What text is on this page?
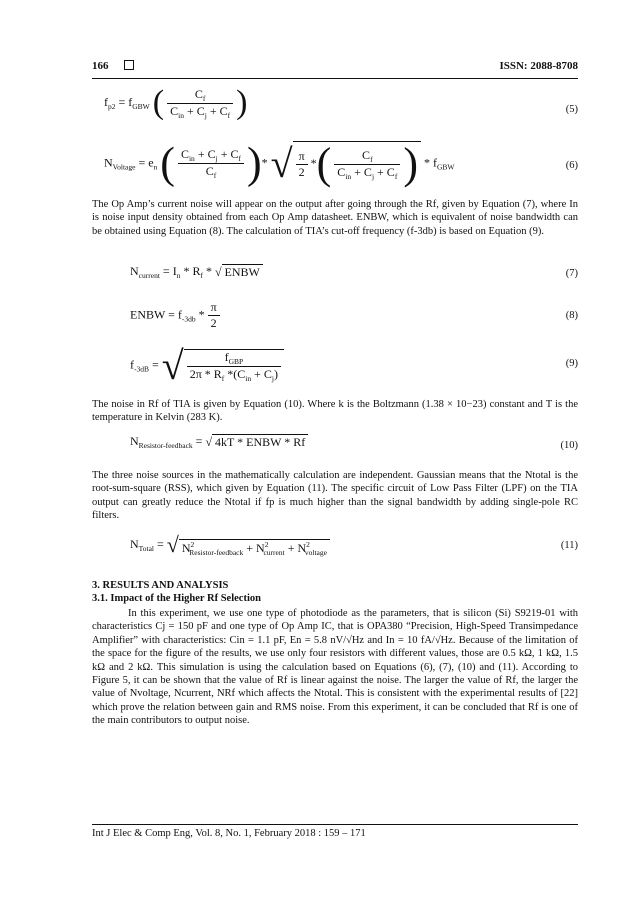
166	ISSN: 2088-8708
$f_{p2} = f_{GBW}$ ( $\frac{C_f}{C_{in} + C_j + C_f}$ )	(5)
$N_{Voltage} = e_n$ ( $\frac{C_{in} + C_j + C_f}{C_f}$ )* √ $\frac{\pi}{2}$ *( $\frac{C_f}{C_{in} + C_j + C_f}$ ) * $f_{GBW}$	(6)
The Op Amp’s current noise will appear on the output after going through the Rf, given by Equation (7), where In is noise input density obtained from each Op Amp datasheet. ENBW, which is equivalent of noise bandwidth can be obtained using Equation (8). The calculation of TIA’s cut-off frequency (f-3db) is based on Equation (9).
$N_{current} = I_n * R_f$ * √ ENBW	(7)
ENBW = $f_{-3db} * \frac{\pi}{2}$	(8)
$f_{-3dB}$ = √ $\frac{f_{GBP}}{2\pi * R_f *(C_{in} + C_j)}$	(9)
The noise in Rf of TIA is given by Equation (10). Where k is the Boltzmann (1.38 × 10−23) constant and T is the temperature in Kelvin (283 K).
$N_{Resistor-feedback}$ = √ 4kT * ENBW * Rf	(10)
The three noise sources in the mathematically calculation are independent. Gaussian means that the Ntotal is the root-sum-square (RSS), which given by Equation (11). The specific circuit of Low Pass Filter (LPF) on the TIA output can greatly reduce the Ntotal if fp is much higher than the signal bandwidth by adding single-pole RC filters.
$N_{Total}$ = √ $N^2_{Resistor-feedback} + N^2_{current} + N^2_{voltage}$
(11)
3. RESULTS AND ANALYSIS
3.1. Impact of the Higher Rf Selection
In this experiment, we use one type of photodiode as the parameters, that is silicon (Si) S9219-01 with characteristics Cj = 150 pF and one type of Op Amp IC, that is OPA380 “Precision, High-Speed Transimpedance Amplifier” with characteristics: Cin = 1.1 pF, En = 5.8 nV/√Hz and In = 10 fA/√Hz. Because of the limitation of the space for the figure of the results, we use only four resistors with different values, those are 0.5 kΩ, 1 kΩ, 1.5 kΩ and 2 kΩ. This simulation is using the calculation based on Equations (6), (7), (10) and (11). According to Figure 5, it can be shown that the value of Rf is linear against the noise. The larger the value of Rf, the larger the value of Nvoltage, Ncurrent, NRf which affects the Ntotal. This is consistent with the experimental results of [22] which prove the relation between gain and RMS noise. From this experiment, it can be concluded that Rf is one of the main contributors to output noise.
Int J Elec & Comp Eng, Vol. 8, No. 1, February 2018 : 159 – 171
